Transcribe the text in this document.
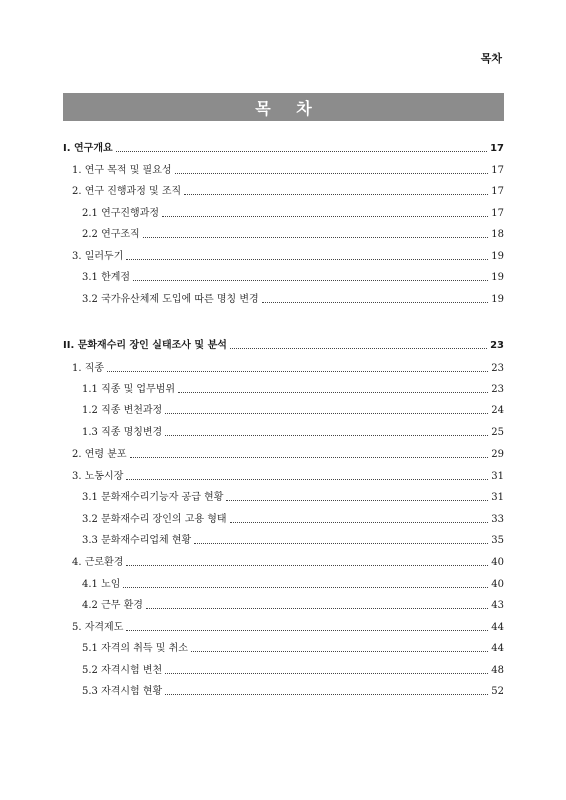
목차
목 차
I. 연구개요	17
1. 연구 목적 및 필요성	17
2. 연구 진행과정 및 조직	17
2.1 연구진행과정	17
2.2 연구조직	18
3. 일러두기	19
3.1 한계점	19
3.2 국가유산체제 도입에 따른 명칭 변경	19
II. 문화재수리 장인 실태조사 및 분석	23
1. 직종	23
1.1 직종 및 업무범위	23
1.2 직종 변천과정	24
1.3 직종 명칭변경	25
2. 연령 분포	29
3. 노동시장	31
3.1 문화재수리기능자 공급 현황	31
3.2 문화재수리 장인의 고용 형태	33
3.3 문화재수리업체 현황	35
4. 근로환경	40
4.1 노임	40
4.2 근무 환경	43
5. 자격제도	44
5.1 자격의 취득 및 취소	44
5.2 자격시험 변천	48
5.3 자격시험 현황	52
